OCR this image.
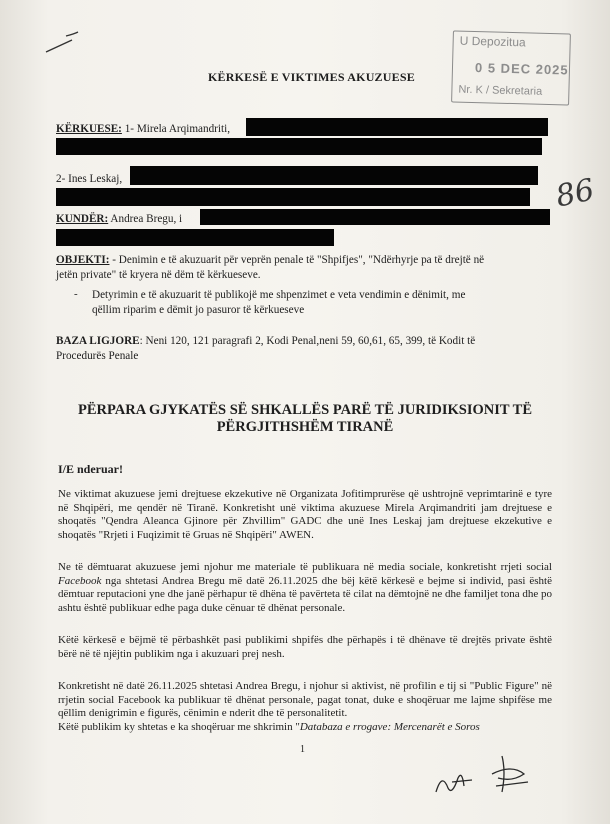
U Depozitua
0 5 DEC 2025
Nr. K / Sekretaria
86
KËRKESË E VIKTIMES AKUZUESE
KËRKUESE: 1- Mirela Arqimandriti,
2- Ines Leskaj,
KUNDËR: Andrea Bregu, i
OBJEKTI: - Denimin e të akuzuarit për veprën penale të "Shpifjes", "Ndërhyrje pa të drejtë në
jetën private" të kryera në dëm të kërkueseve.
- Detyrimin e të akuzuarit të publikojë me shpenzimet e veta vendimin e dënimit, me
qëllim riparim e dëmit jo pasuror të kërkueseve
BAZA LIGJORE: Neni 120, 121 paragrafi 2, Kodi Penal,neni 59, 60,61, 65, 399, të Kodit të
Procedurës Penale
PËRPARA GJYKATËS SË SHKALLËS PARË TË JURIDIKSIONIT TË
PËRGJITHSHËM TIRANË
I/E nderuar!
Ne viktimat akuzuese jemi drejtuese ekzekutive në Organizata Jofitimprurëse që ushtrojnë veprimtarinë e tyre në Shqipëri, me qendër në Tiranë. Konkretisht unë viktima akuzuese Mirela Arqimandriti jam drejtuese e shoqatës "Qendra Aleanca Gjinore për Zhvillim" GADC dhe unë Ines Leskaj jam drejtuese ekzekutive e shoqatës "Rrjeti i Fuqizimit të Gruas në Shqipëri" AWEN.
Ne të dëmtuarat akuzuese jemi njohur me materiale të publikuara në media sociale, konkretisht rrjeti social Facebook nga shtetasi Andrea Bregu më datë 26.11.2025 dhe bëj këtë kërkesë e bejme si individ, pasi është dëmtuar reputacioni yne dhe janë përhapur të dhëna të pavërteta të cilat na dëmtojnë ne dhe familjet tona dhe po ashtu është publikuar edhe paga duke cënuar të dhënat personale.
Këtë kërkesë e bëjmë të përbashkët pasi publikimi shpifës dhe përhapës i të dhënave të drejtës private është bërë në të njëjtin publikim nga i akuzuari prej nesh.
Konkretisht në datë 26.11.2025 shtetasi Andrea Bregu, i njohur si aktivist, në profilin e tij si "Public Figure" në rrjetin social Facebook ka publikuar të dhënat personale, pagat tonat, duke e shoqëruar me lajme shpifëse me qëllim denigrimin e figurës, cënimin e nderit dhe të personalitetit.
Këtë publikim ky shtetas e ka shoqëruar me shkrimin "Databaza e rrogave: Mercenarët e Soros
1
